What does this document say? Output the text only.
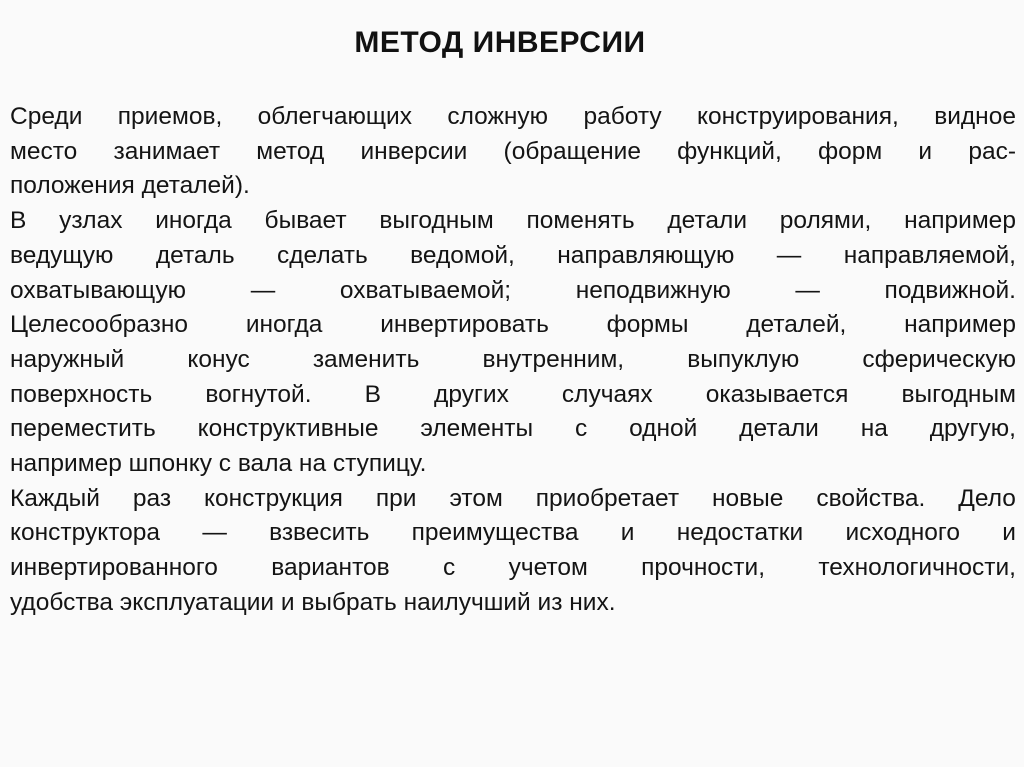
МЕТОД ИНВЕРСИИ
Среди приемов, облегчающих сложную работу конструирования, видное
место занимает метод инверсии (обращение функций, форм и рас-
положения деталей).
В узлах иногда бывает выгодным поменять детали ролями, например
ведущую деталь сделать ведомой, направляющую — направляемой,
охватывающую	—	охватываемой;	неподвижную	—	подвижной.
Целесообразно иногда инвертировать формы деталей, например
наружный	конус	заменить	внутренним,	выпуклую	сферическую
поверхность вогнутой. В других случаях оказывается выгодным
переместить конструктивные элементы с одной детали на другую,
например шпонку с вала на ступицу.
Каждый раз конструкция при этом приобретает новые свойства. Дело
конструктора — взвесить преимущества и недостатки исходного и
инвертированного вариантов с учетом прочности, технологичности,
удобства эксплуатации и выбрать наилучший из них.
